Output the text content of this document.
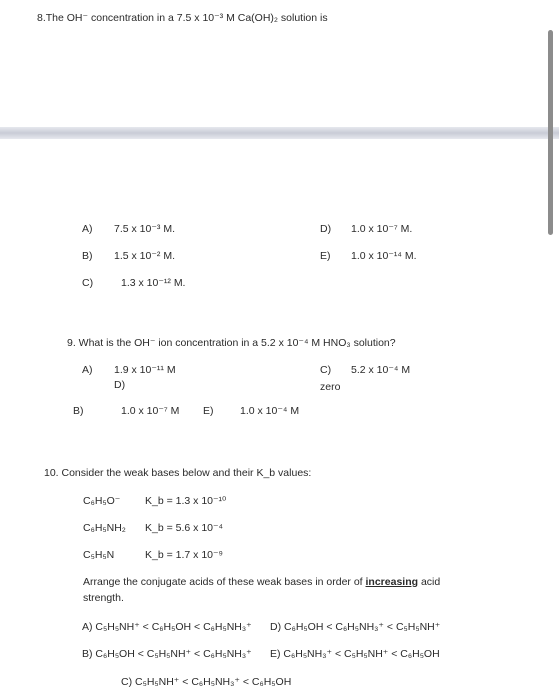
8.The OH⁻ concentration in a 7.5 x 10⁻³ M Ca(OH)₂ solution is
A) 7.5 x 10⁻³ M.
B) 1.5 x 10⁻² M.
C)	1.3 x 10⁻¹² M.
D) 1.0 x 10⁻⁷ M.
E) 1.0 x 10⁻¹⁴ M.
9. What is the OH⁻ ion concentration in a 5.2 x 10⁻⁴ M HNO₃ solution?
A) 1.9 x 10⁻¹¹ M
D)
C) 5.2 x 10⁻⁴ M
zero
B)	1.0 x 10⁻⁷ M E)	1.0 x 10⁻⁴ M
10. Consider the weak bases below and their K_b values:
C₆H₅O⁻ K_b = 1.3 x 10⁻¹⁰
C₆H₅NH₂ K_b = 5.6 x 10⁻⁴
C₅H₅N	K_b = 1.7 x 10⁻⁹
Arrange the conjugate acids of these weak bases in order of increasing acid
strength.
A) C₅H₅NH⁺ < C₆H₅OH < C₆H₅NH₃⁺ D) C₆H₅OH < C₆H₅NH₃⁺ < C₅H₅NH⁺
B) C₆H₅OH < C₅H₅NH⁺ < C₆H₅NH₃⁺ E) C₆H₅NH₃⁺ < C₅H₅NH⁺ < C₆H₅OH
C) C₅H₅NH⁺ < C₆H₅NH₃⁺ < C₆H₅OH
